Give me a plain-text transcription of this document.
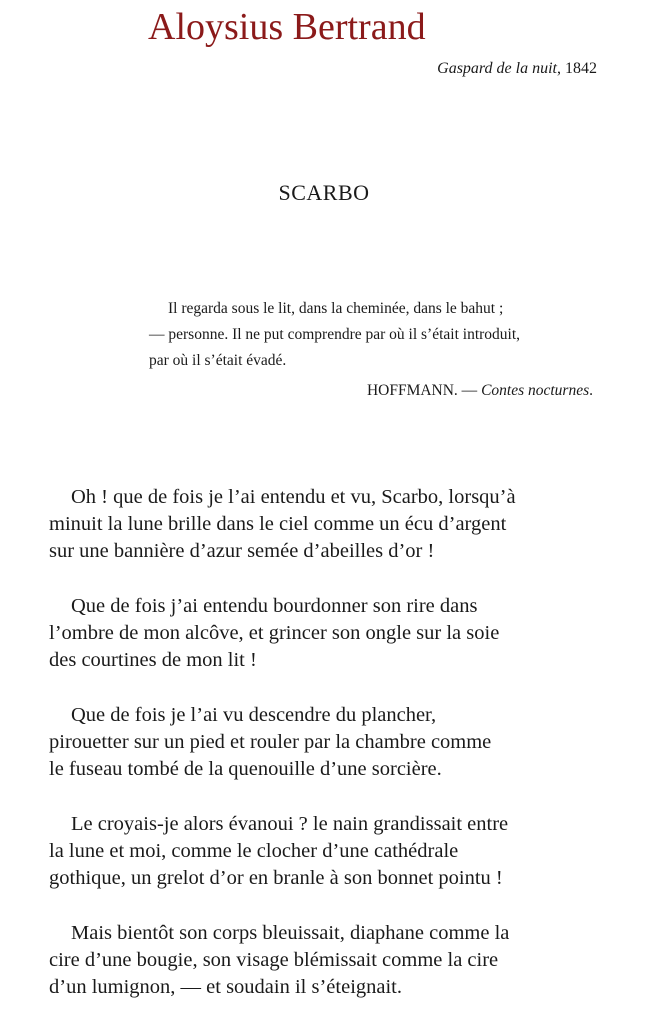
Aloysius Bertrand
Gaspard de la nuit, 1842
SCARBO
Il regarda sous le lit, dans la cheminée, dans le bahut ;
— personne. Il ne put comprendre par où il s’était introduit,
par où il s’était évadé.
HOFFMANN. — Contes nocturnes.

Oh ! que de fois je l’ai entendu et vu, Scarbo, lorsqu’à
minuit la lune brille dans le ciel comme un écu d’argent
sur une bannière d’azur semée d’abeilles d’or !

Que de fois j’ai entendu bourdonner son rire dans
l’ombre de mon alcôve, et grincer son ongle sur la soie
des courtines de mon lit !

Que de fois je l’ai vu descendre du plancher,
pirouetter sur un pied et rouler par la chambre comme
le fuseau tombé de la quenouille d’une sorcière.

Le croyais-je alors évanoui ? le nain grandissait entre
la lune et moi, comme le clocher d’une cathédrale
gothique, un grelot d’or en branle à son bonnet pointu !

Mais bientôt son corps bleuissait, diaphane comme la
cire d’une bougie, son visage blémissait comme la cire
d’un lumignon, — et soudain il s’éteignait.
